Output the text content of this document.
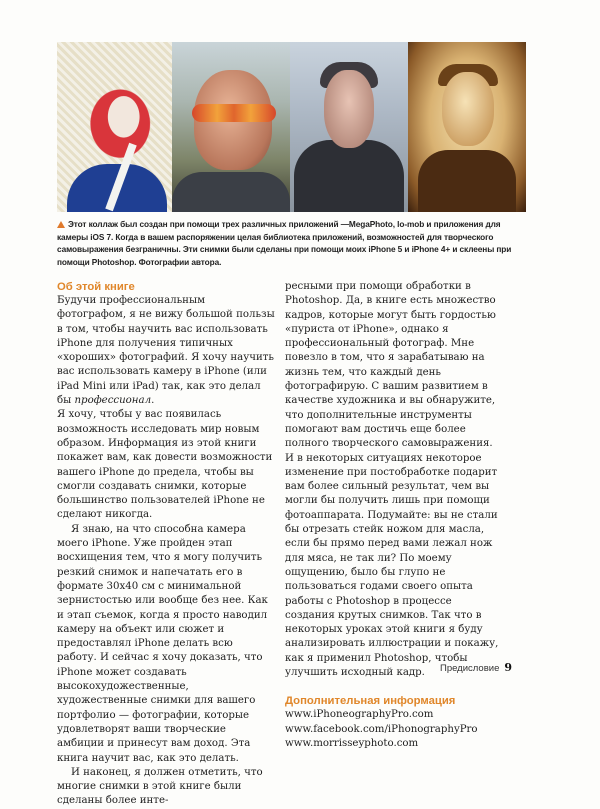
Этот коллаж был создан при помощи трех различных приложений —MegaPhoto, lo-mob и приложения для камеры iOS 7. Когда в вашем распоряжении целая библиотека приложений, возможностей для творческого самовыражения безграничны. Эти снимки были сделаны при помощи моих iPhone 5 и iPhone 4+ и склеены при помощи Photoshop. Фотографии автора.
Об этой книге

Будучи профессиональным фотографом, я не вижу большой пользы в том, чтобы научить вас использовать iPhone для получения типичных «хороших» фотографий. Я хочу научить вас использовать камеру в iPhone (или iPad Mini или iPad) так, как это делал бы профессионал.

Я хочу, чтобы у вас появилась возможность исследовать мир новым образом. Информация из этой книги покажет вам, как довести возможности вашего iPhone до предела, чтобы вы смогли создавать снимки, которые большинство пользователей iPhone не сделают никогда.

Я знаю, на что способна камера моего iPhone. Уже пройден этап восхищения тем, что я могу получить резкий снимок и напечатать его в формате 30x40 см с минимальной зернистостью или вообще без нее. Как и этап съемок, когда я просто наводил камеру на объект или сюжет и предоставлял iPhone делать всю работу. И сейчас я хочу доказать, что iPhone может создавать высокохудожественные, художественные снимки для вашего портфолио — фотографии, которые удовлетворят ваши творческие амбиции и принесут вам доход. Эта книга научит вас, как это делать.

И наконец, я должен отметить, что многие снимки в этой книге были сделаны более инте-

ресными при помощи обработки в Photoshop. Да, в книге есть множество кадров, которые могут быть гордостью «пуриста от iPhone», однако я профессиональный фотограф. Мне повезло в том, что я зарабатываю на жизнь тем, что каждый день фотографирую. С вашим развитием в качестве художника и вы обнаружите, что дополнительные инструменты помогают вам достичь еще более полного творческого самовыражения. И в некоторых ситуациях некоторое изменение при постобработке подарит вам более сильный результат, чем вы могли бы получить лишь при помощи фотоаппарата. Подумайте: вы не стали бы отрезать стейк ножом для масла, если бы прямо перед вами лежал нож для мяса, не так ли? По моему ощущению, было бы глупо не пользоваться годами своего опыта работы с Photoshop в процессе создания крутых снимков. Так что в некоторых уроках этой книги я буду анализировать иллюстрации и покажу, как я применил Photoshop, чтобы улучшить исходный кадр.

Дополнительная информация
www.iPhoneographyPro.com
www.facebook.com/iPhonographyPro
www.morrisseyphoto.com
Предисловие 9
